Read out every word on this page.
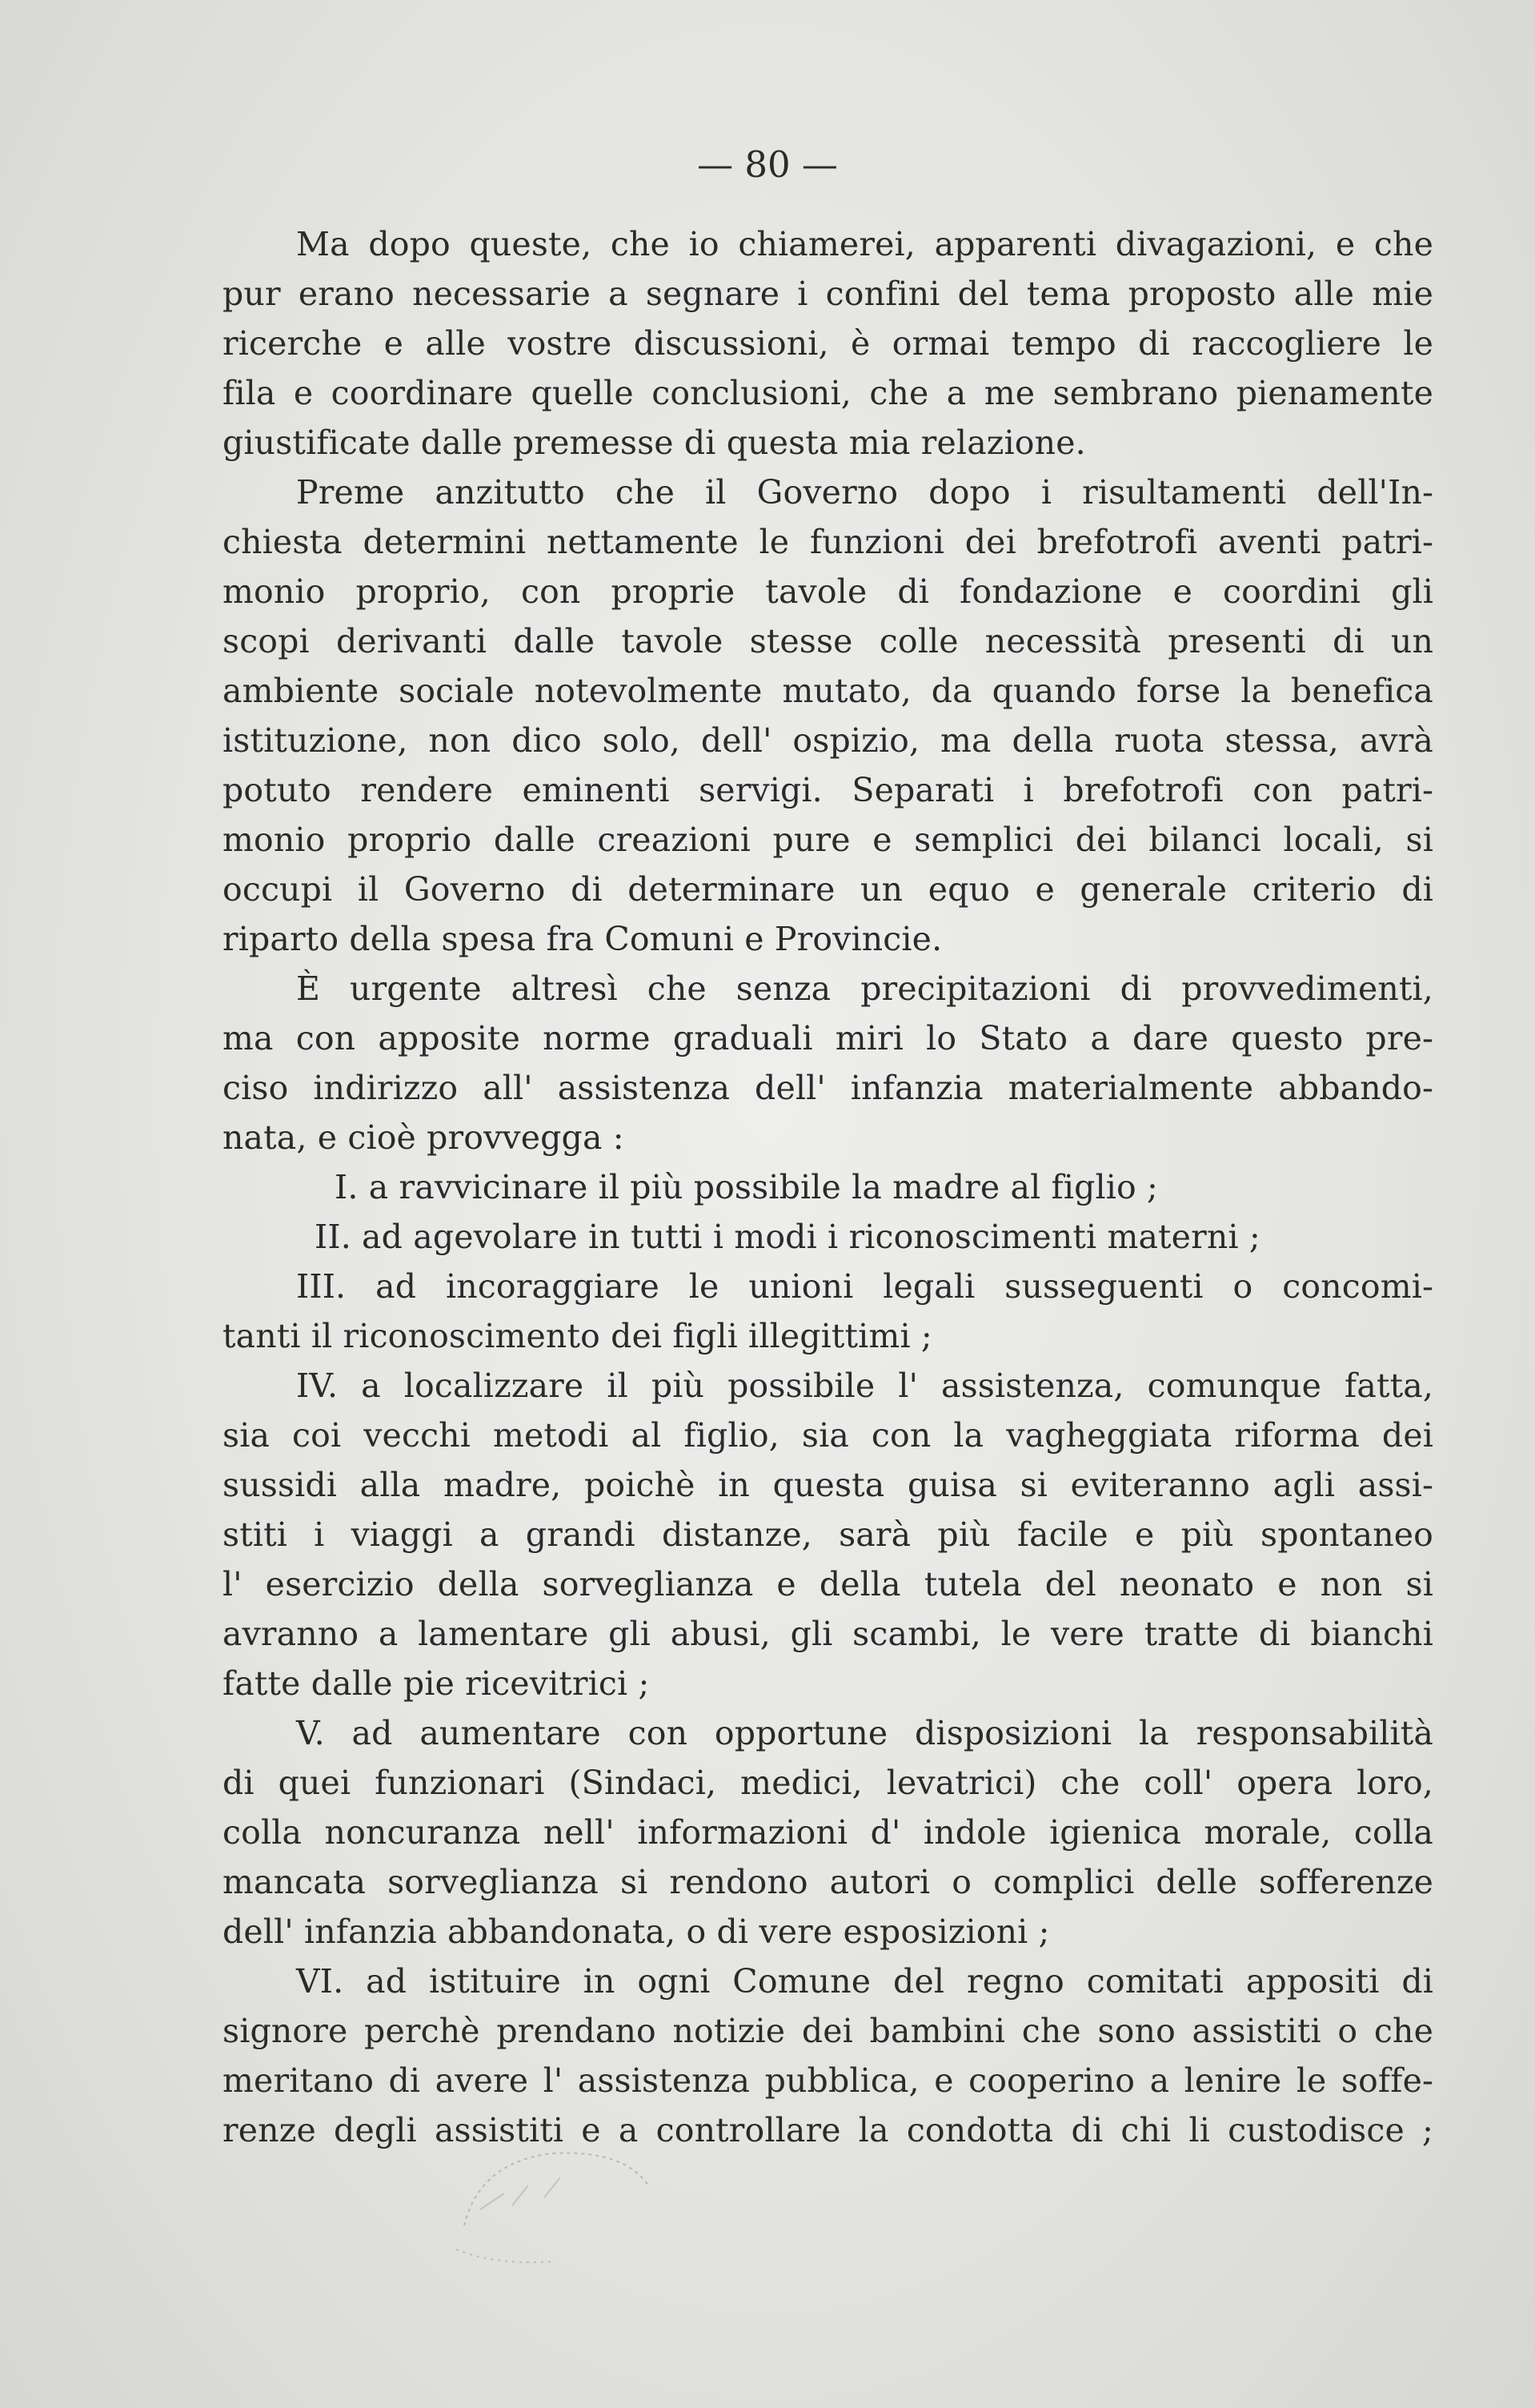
— 80 —

Ma dopo queste, che io chiamerei, apparenti divagazioni, e che
pur erano necessarie a segnare i confini del tema proposto alle mie
ricerche e alle vostre discussioni, è ormai tempo di raccogliere le
fila e coordinare quelle conclusioni, che a me sembrano pienamente
giustificate dalle premesse di questa mia relazione.
Preme anzitutto che il Governo dopo i risultamenti dell'In-
chiesta determini nettamente le funzioni dei brefotrofi aventi patri-
monio proprio, con proprie tavole di fondazione e coordini gli
scopi derivanti dalle tavole stesse colle necessità presenti di un
ambiente sociale notevolmente mutato, da quando forse la benefica
istituzione, non dico solo, dell' ospizio, ma della ruota stessa, avrà
potuto rendere eminenti servigi. Separati i brefotrofi con patri-
monio proprio dalle creazioni pure e semplici dei bilanci locali, si
occupi il Governo di determinare un equo e generale criterio di
riparto della spesa fra Comuni e Provincie.
È urgente altresì che senza precipitazioni di provvedimenti,
ma con apposite norme graduali miri lo Stato a dare questo pre-
ciso indirizzo all' assistenza dell' infanzia materialmente abbando-
nata, e cioè provvegga :
I. a ravvicinare il più possibile la madre al figlio ;
II. ad agevolare in tutti i modi i riconoscimenti materni ;
III. ad incoraggiare le unioni legali susseguenti o concomi-
tanti il riconoscimento dei figli illegittimi ;
IV. a localizzare il più possibile l' assistenza, comunque fatta,
sia coi vecchi metodi al figlio, sia con la vagheggiata riforma dei
sussidi alla madre, poichè in questa guisa si eviteranno agli assi-
stiti i viaggi a grandi distanze, sarà più facile e più spontaneo
l' esercizio della sorveglianza e della tutela del neonato e non si
avranno a lamentare gli abusi, gli scambi, le vere tratte di bianchi
fatte dalle pie ricevitrici ;
V. ad aumentare con opportune disposizioni la responsabilità
di quei funzionari (Sindaci, medici, levatrici) che coll' opera loro,
colla noncuranza nell' informazioni d' indole igienica morale, colla
mancata sorveglianza si rendono autori o complici delle sofferenze
dell' infanzia abbandonata, o di vere esposizioni ;
VI. ad istituire in ogni Comune del regno comitati appositi di
signore perchè prendano notizie dei bambini che sono assistiti o che
meritano di avere l' assistenza pubblica, e cooperino a lenire le soffe-
renze degli assistiti e a controllare la condotta di chi li custodisce ;
